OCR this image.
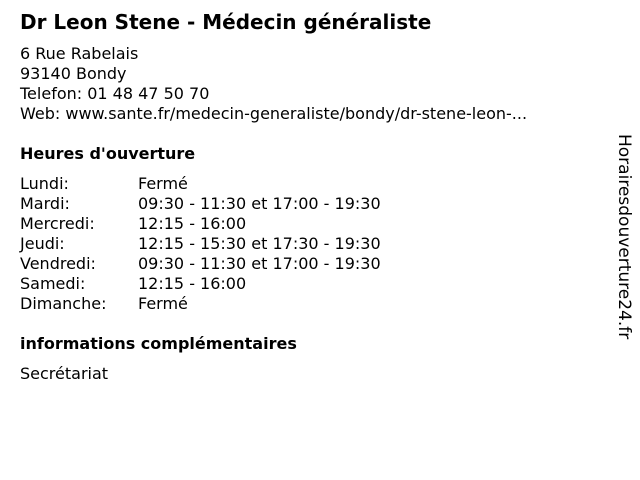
Dr Leon Stene - Médecin généraliste
6 Rue Rabelais
93140 Bondy
Telefon: 01 48 47 50 70
Web: www.sante.fr/medecin-generaliste/bondy/dr-stene-leon-...
Heures d'ouverture
Lundi:	Fermé
Mardi:	09:30 - 11:30 et 17:00 - 19:30
Mercredi:	12:15 - 16:00
Jeudi:	12:15 - 15:30 et 17:30 - 19:30
Vendredi:	09:30 - 11:30 et 17:00 - 19:30
Samedi:	12:15 - 16:00
Dimanche: Fermé
informations complémentaires
Secrétariat
Horairesdouverture24.fr
